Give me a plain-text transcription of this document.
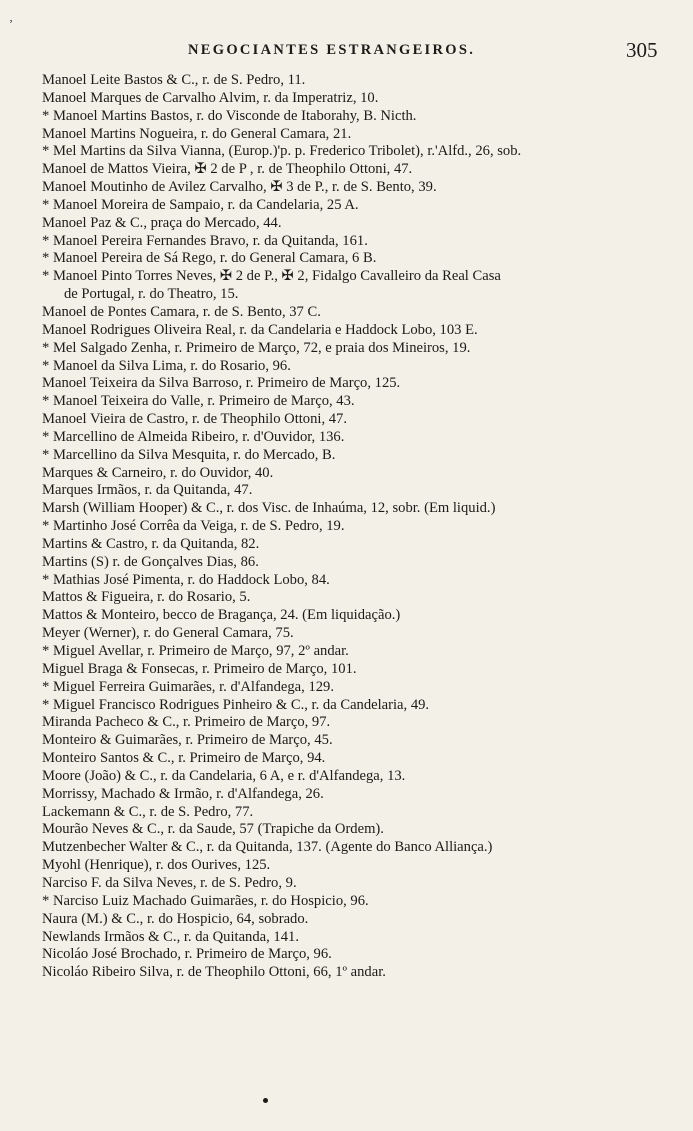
ʼ
NEGOCIANTES ESTRANGEIROS.	305
Manoel Leite Bastos & C., r. de S. Pedro, 11.
Manoel Marques de Carvalho Alvim, r. da Imperatriz, 10.
* Manoel Martins Bastos, r. do Visconde de Itaborahy, B. Nicth.
Manoel Martins Nogueira, r. do General Camara, 21.
* Mel Martins da Silva Vianna, (Europ.)'p. p. Frederico Tribolet), r.'Alfd., 26, sob.
Manoel de Mattos Vieira, ✠ 2 de P , r. de Theophilo Ottoni, 47.
Manoel Moutinho de Avilez Carvalho, ✠ 3 de P., r. de S. Bento, 39.
* Manoel Moreira de Sampaio, r. da Candelaria, 25 A.
Manoel Paz & C., praça do Mercado, 44.
* Manoel Pereira Fernandes Bravo, r. da Quitanda, 161.
* Manoel Pereira de Sá Rego, r. do General Camara, 6 B.
* Manoel Pinto Torres Neves, ✠ 2 de P., ✠ 2, Fidalgo Cavalleiro da Real Casa
de Portugal, r. do Theatro, 15.
Manoel de Pontes Camara, r. de S. Bento, 37 C.
Manoel Rodrigues Oliveira Real, r. da Candelaria e Haddock Lobo, 103 E.
* Mel Salgado Zenha, r. Primeiro de Março, 72, e praia dos Mineiros, 19.
* Manoel da Silva Lima, r. do Rosario, 96.
Manoel Teixeira da Silva Barroso, r. Primeiro de Março, 125.
* Manoel Teixeira do Valle, r. Primeiro de Março, 43.
Manoel Vieira de Castro, r. de Theophilo Ottoni, 47.
* Marcellino de Almeida Ribeiro, r. d'Ouvidor, 136.
* Marcellino da Silva Mesquita, r. do Mercado, B.
Marques & Carneiro, r. do Ouvidor, 40.
Marques Irmãos, r. da Quitanda, 47.
Marsh (William Hooper) & C., r. dos Visc. de Inhaúma, 12, sobr. (Em liquid.)
* Martinho José Corrêa da Veiga, r. de S. Pedro, 19.
Martins & Castro, r. da Quitanda, 82.
Martins (S) r. de Gonçalves Dias, 86.
* Mathias José Pimenta, r. do Haddock Lobo, 84.
Mattos & Figueira, r. do Rosario, 5.
Mattos & Monteiro, becco de Bragança, 24. (Em liquidação.)
Meyer (Werner), r. do General Camara, 75.
* Miguel Avellar, r. Primeiro de Março, 97, 2º andar.
Miguel Braga & Fonsecas, r. Primeiro de Março, 101.
* Miguel Ferreira Guimarães, r. d'Alfandega, 129.
* Miguel Francisco Rodrigues Pinheiro & C., r. da Candelaria, 49.
Miranda Pacheco & C., r. Primeiro de Março, 97.
Monteiro & Guimarães, r. Primeiro de Março, 45.
Monteiro Santos & C., r. Primeiro de Março, 94.
Moore (João) & C., r. da Candelaria, 6 A, e r. d'Alfandega, 13.
Morrissy, Machado & Irmão, r. d'Alfandega, 26.
Lackemann & C., r. de S. Pedro, 77.
Mourão Neves & C., r. da Saude, 57 (Trapiche da Ordem).
Mutzenbecher Walter & C., r. da Quitanda, 137. (Agente do Banco Alliança.)
Myohl (Henrique), r. dos Ourives, 125.
Narciso F. da Silva Neves, r. de S. Pedro, 9.
* Narciso Luiz Machado Guimarães, r. do Hospicio, 96.
Naura (M.) & C., r. do Hospicio, 64, sobrado.
Newlands Irmãos & C., r. da Quitanda, 141.
Nicoláo José Brochado, r. Primeiro de Março, 96.
Nicoláo Ribeiro Silva, r. de Theophilo Ottoni, 66, 1º andar.
